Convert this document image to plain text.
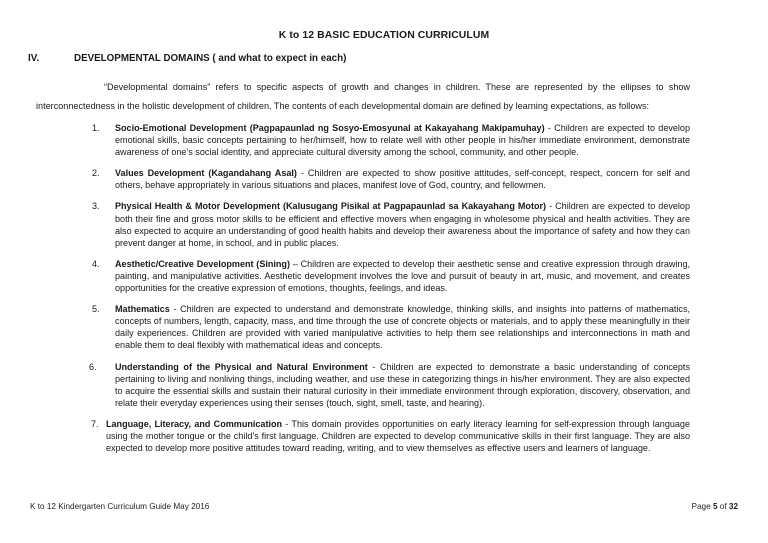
K to 12 BASIC EDUCATION CURRICULUM
IV.	DEVELOPMENTAL DOMAINS ( and what to expect in each)
“Developmental domains” refers to specific aspects of growth and changes in children. These are represented by the ellipses to show interconnectedness in the holistic development of children. The contents of each developmental domain are defined by learning expectations, as follows:
1.	Socio-Emotional Development (Pagpapaunlad ng Sosyo-Emosyunal at Kakayahang Makipamuhay) - Children are expected to develop emotional skills, basic concepts pertaining to her/himself, how to relate well with other people in his/her immediate environment, demonstrate awareness of one’s social identity, and appreciate cultural diversity among the school, community, and other people.
2.	Values Development (Kagandahang Asal) - Children are expected to show positive attitudes, self-concept, respect, concern for self and others, behave appropriately in various situations and places, manifest love of God, country, and fellowmen.
3.	Physical Health & Motor Development (Kalusugang Pisikal at Pagpapaunlad sa Kakayahang Motor) - Children are expected to develop both their fine and gross motor skills to be efficient and effective movers when engaging in wholesome physical and health activities. They are also expected to acquire an understanding of good health habits and develop their awareness about the importance of safety and how they can prevent danger at home, in school, and in public places.
4.	Aesthetic/Creative Development (Sining) – Children are expected to develop their aesthetic sense and creative expression through drawing, painting, and manipulative activities. Aesthetic development involves the love and pursuit of beauty in art, music, and movement, and creates opportunities for the creative expression of emotions, thoughts, feelings, and ideas.
5.	Mathematics - Children are expected to understand and demonstrate knowledge, thinking skills, and insights into patterns of mathematics, concepts of numbers, length, capacity, mass, and time through the use of concrete objects or materials, and to apply these meaningfully in their daily experiences. Children are provided with varied manipulative activities to help them see relationships and interconnections in math and enable them to deal flexibly with mathematical ideas and concepts.
6.	Understanding of the Physical and Natural Environment - Children are expected to demonstrate a basic understanding of concepts pertaining to living and nonliving things, including weather, and use these in categorizing things in his/her environment. They are also expected to acquire the essential skills and sustain their natural curiosity in their immediate environment through exploration, discovery, observation, and relate their everyday experiences using their senses (touch, sight, smell, taste, and hearing).
7. Language, Literacy, and Communication - This domain provides opportunities on early literacy learning for self-expression through language using the mother tongue or the child’s first language. Children are expected to develop communicative skills in their first language. They are also expected to develop more positive attitudes toward reading, writing, and to view themselves as effective users and learners of language.
K to 12 Kindergarten Curriculum Guide May 2016	Page 5 of 32
